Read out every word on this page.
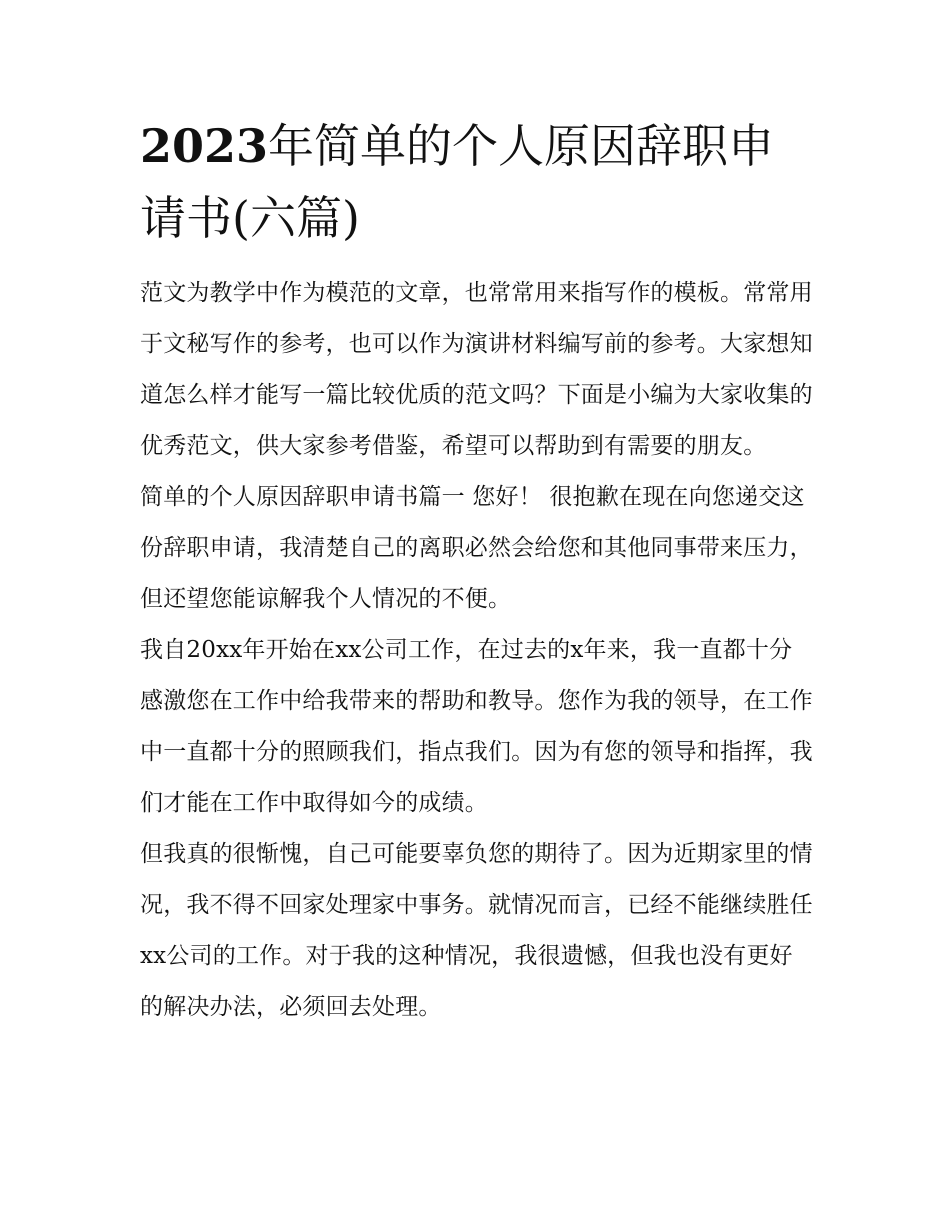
2023年简单的个人原因辞职申请书(六篇)

范文为教学中作为模范的文章，也常常用来指写作的模板。常常用于文秘写作的参考，也可以作为演讲材料编写前的参考。大家想知道怎么样才能写一篇比较优质的范文吗？下面是小编为大家收集的优秀范文，供大家参考借鉴，希望可以帮助到有需要的朋友。

简单的个人原因辞职申请书篇一 您好！ 很抱歉在现在向您递交这份辞职申请，我清楚自己的离职必然会给您和其他同事带来压力，但还望您能谅解我个人情况的不便。

我自20xx年开始在xx公司工作，在过去的x年来，我一直都十分感激您在工作中给我带来的帮助和教导。您作为我的领导，在工作中一直都十分的照顾我们，指点我们。因为有您的领导和指挥，我们才能在工作中取得如今的成绩。

但我真的很惭愧，自己可能要辜负您的期待了。因为近期家里的情况，我不得不回家处理家中事务。就情况而言，已经不能继续胜任xx公司的工作。对于我的这种情况，我很遗憾，但我也没有更好的解决办法，必须回去处理。
